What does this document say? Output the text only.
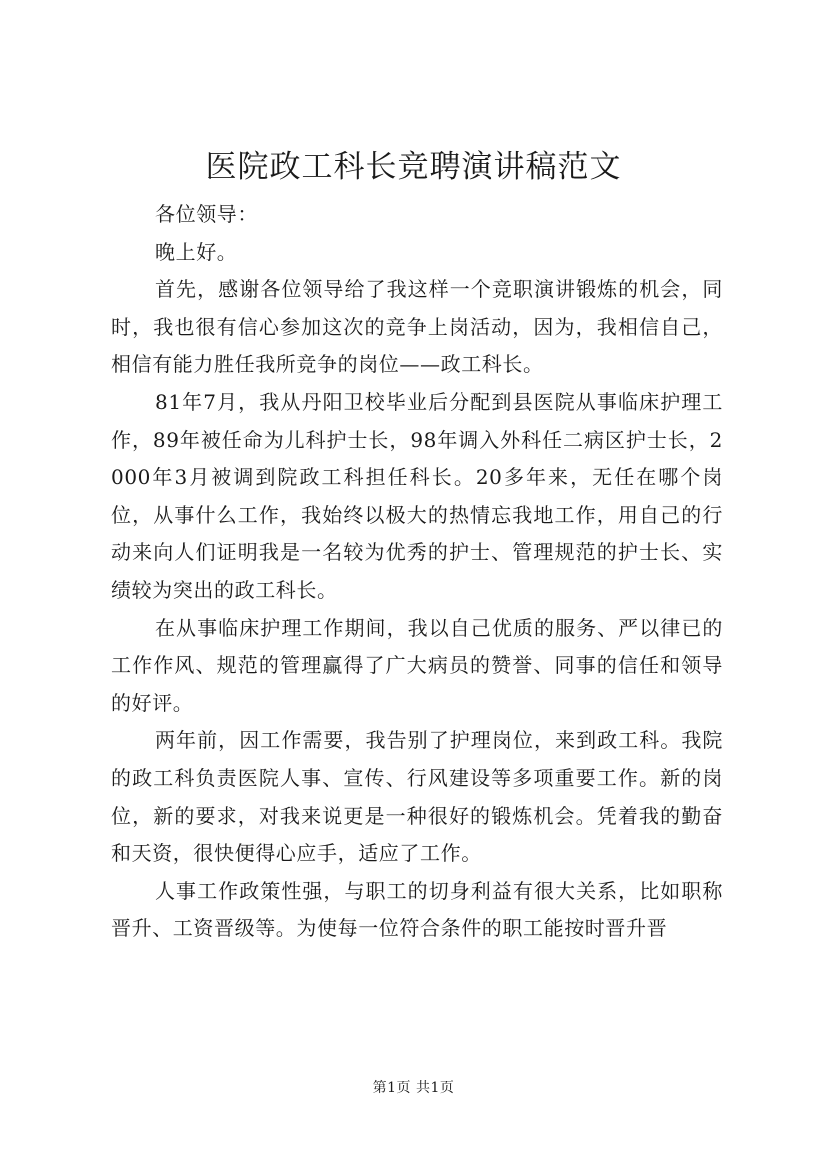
医院政工科长竞聘演讲稿范文

各位领导：

晚上好。

首先，感谢各位领导给了我这样一个竞职演讲锻炼的机会，同时，我也很有信心参加这次的竞争上岗活动，因为，我相信自己，相信有能力胜任我所竞争的岗位——政工科长。

81年7月，我从丹阳卫校毕业后分配到县医院从事临床护理工作，89年被任命为儿科护士长，98年调入外科任二病区护士长，2000年3月被调到院政工科担任科长。20多年来，无任在哪个岗位，从事什么工作，我始终以极大的热情忘我地工作，用自己的行动来向人们证明我是一名较为优秀的护士、管理规范的护士长、实绩较为突出的政工科长。

在从事临床护理工作期间，我以自己优质的服务、严以律已的工作作风、规范的管理赢得了广大病员的赞誉、同事的信任和领导的好评。

两年前，因工作需要，我告别了护理岗位，来到政工科。我院的政工科负责医院人事、宣传、行风建设等多项重要工作。新的岗位，新的要求，对我来说更是一种很好的锻炼机会。凭着我的勤奋和天资，很快便得心应手，适应了工作。

人事工作政策性强，与职工的切身利益有很大关系，比如职称晋升、工资晋级等。为使每一位符合条件的职工能按时晋升晋

第1页 共1页
